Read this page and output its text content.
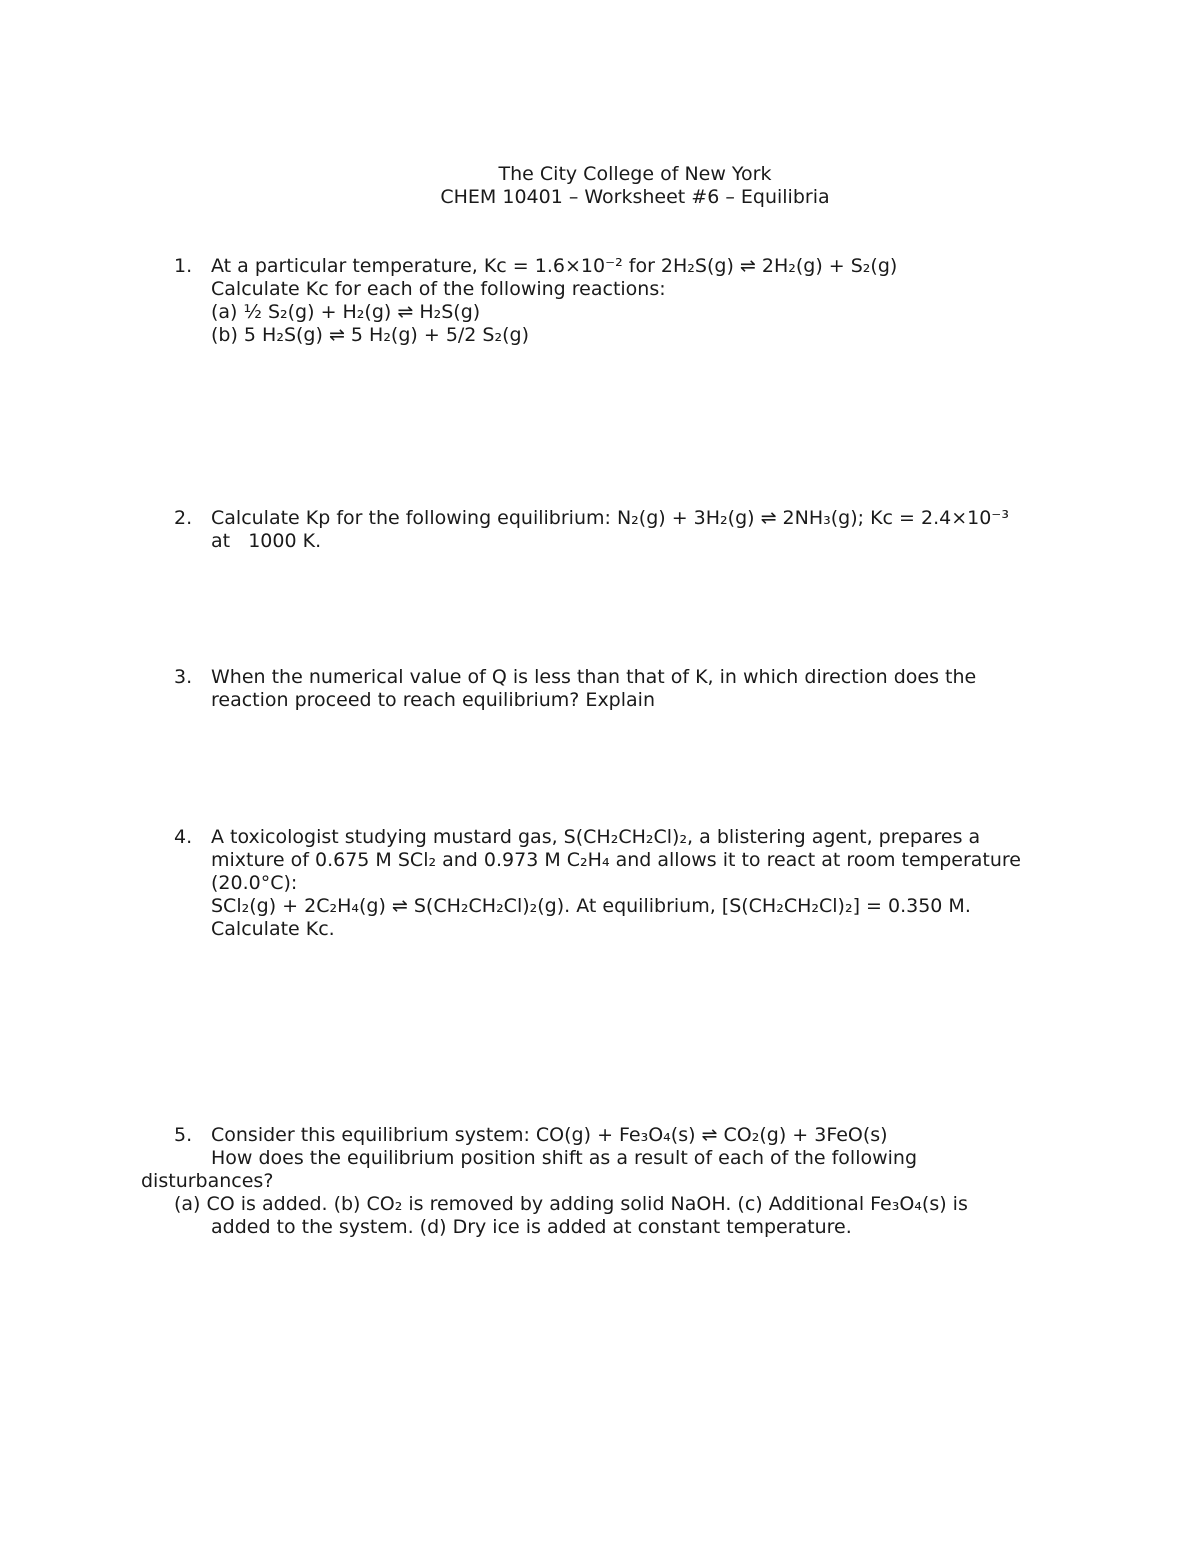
The City College of New York
CHEM 10401 – Worksheet #6 – Equilibria
1. At a particular temperature, Kc = 1.6×10⁻² for 2H₂S(g) ⇌ 2H₂(g) + S₂(g)
Calculate Kc for each of the following reactions:
(a) ½ S₂(g) + H₂(g) ⇌ H₂S(g)
(b) 5 H₂S(g) ⇌ 5 H₂(g) + 5/2 S₂(g)
2. Calculate Kp for the following equilibrium: N₂(g) + 3H₂(g) ⇌ 2NH₃(g); Kc = 2.4×10⁻³
at   1000 K.
3. When the numerical value of Q is less than that of K, in which direction does the
reaction proceed to reach equilibrium? Explain
4. A toxicologist studying mustard gas, S(CH₂CH₂Cl)₂, a blistering agent, prepares a
mixture of 0.675 M SCl₂ and 0.973 M C₂H₄ and allows it to react at room temperature
(20.0°C):
SCl₂(g) + 2C₂H₄(g) ⇌ S(CH₂CH₂Cl)₂(g). At equilibrium, [S(CH₂CH₂Cl)₂] = 0.350 M.
Calculate Kc.
5. Consider this equilibrium system: CO(g) + Fe₃O₄(s) ⇌ CO₂(g) + 3FeO(s)
How does the equilibrium position shift as a result of each of the following
disturbances?
(a) CO is added. (b) CO₂ is removed by adding solid NaOH. (c) Additional Fe₃O₄(s) is
added to the system. (d) Dry ice is added at constant temperature.
